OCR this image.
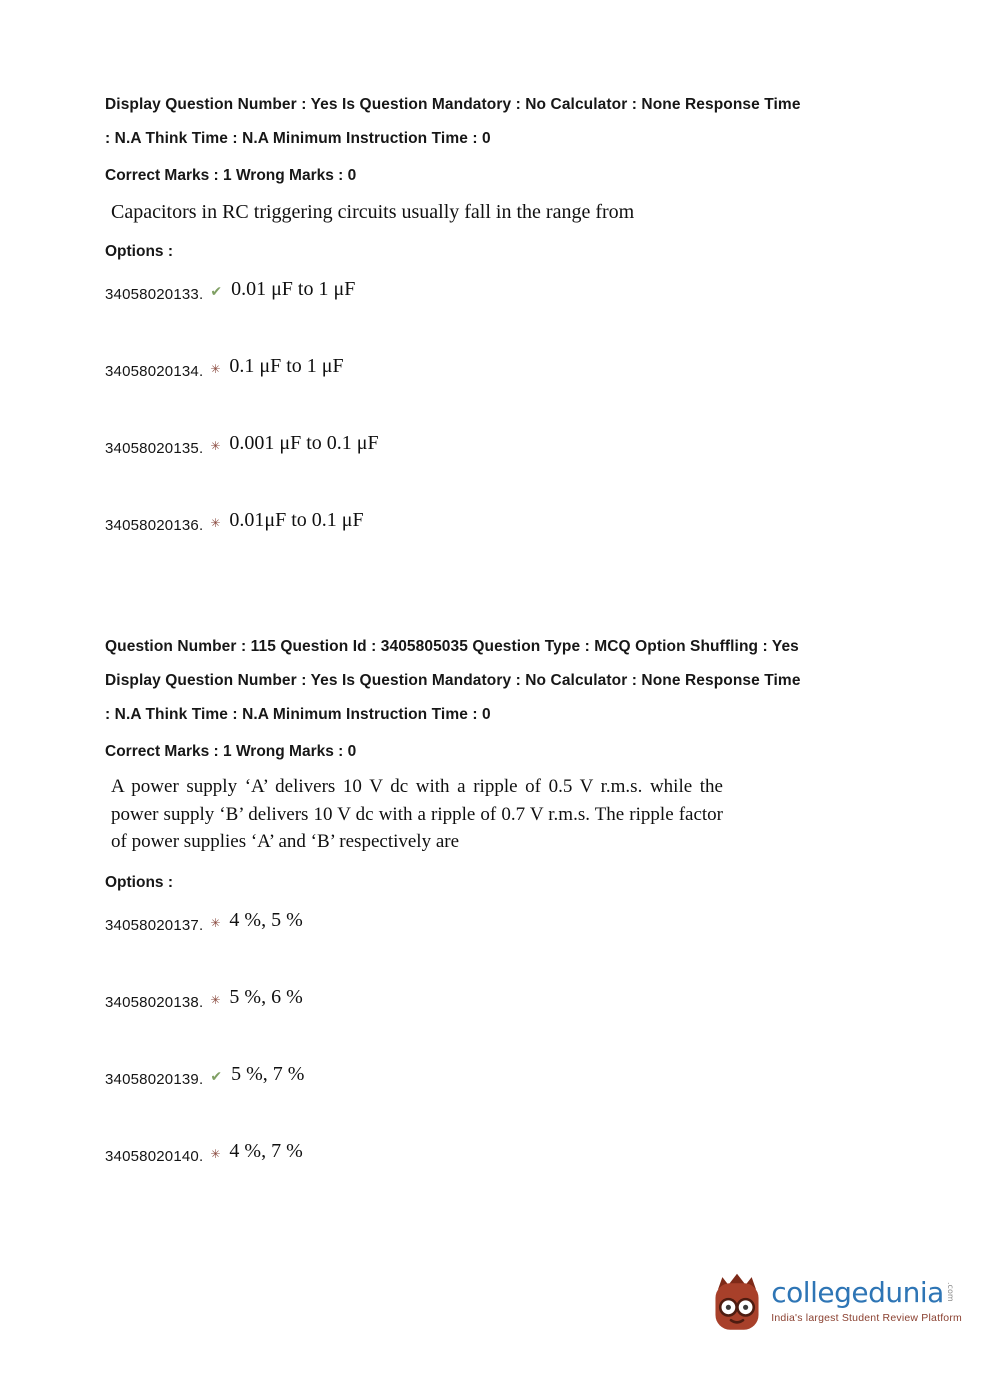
Display Question Number : Yes Is Question Mandatory : No Calculator : None Response Time
: N.A Think Time : N.A Minimum Instruction Time : 0
Correct Marks : 1 Wrong Marks : 0
Capacitors in RC triggering circuits usually fall in the range from
Options :
34058020133. ✔ 0.01 μF to 1 μF
34058020134. ✳ 0.1 μF to 1 μF
34058020135. ✳ 0.001 μF to 0.1 μF
34058020136. ✳ 0.01μF to 0.1 μF
Question Number : 115 Question Id : 3405805035 Question Type : MCQ Option Shuffling : Yes
Display Question Number : Yes Is Question Mandatory : No Calculator : None Response Time
: N.A Think Time : N.A Minimum Instruction Time : 0
Correct Marks : 1 Wrong Marks : 0
A power supply ‘A’ delivers 10 V dc with a ripple of 0.5 V r.m.s. while the power supply ‘B’ delivers 10 V dc with a ripple of 0.7 V r.m.s. The ripple factor of power supplies ‘A’ and ‘B’ respectively are
Options :
34058020137. ✳ 4 %, 5 %
34058020138. ✳ 5 %, 6 %
34058020139. ✔ 5 %, 7 %
34058020140. ✳ 4 %, 7 %
collegedunia .com
India's largest Student Review Platform
